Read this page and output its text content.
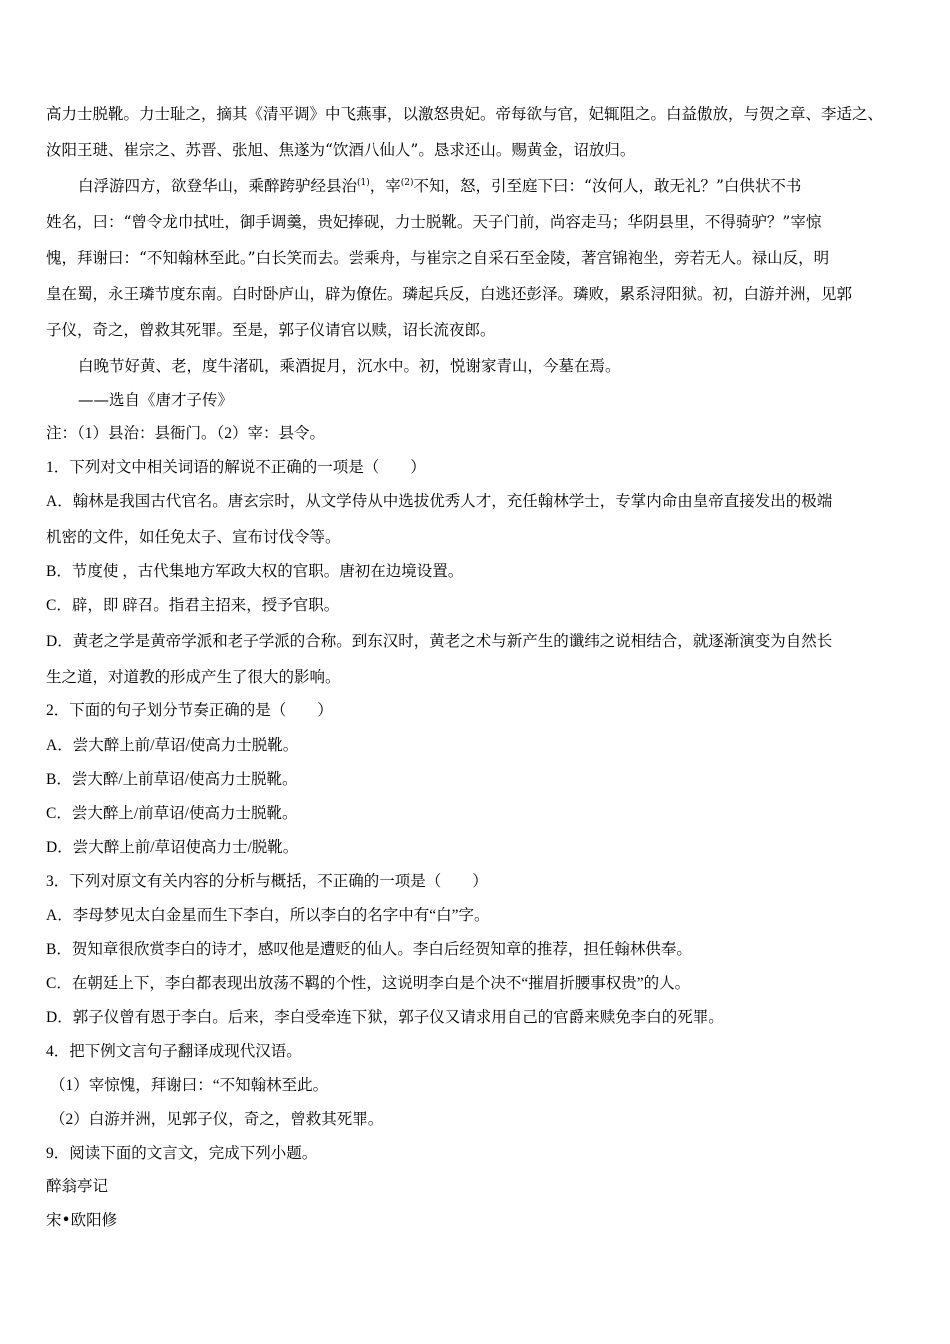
高力士脱靴。力士耻之，摘其《清平调》中飞燕事，以激怒贵妃。帝每欲与官，妃辄阻之。白益傲放，与贺之章、李适之、
汝阳王琎、崔宗之、苏晋、张旭、焦遂为“饮酒八仙人”。恳求还山。赐黄金，诏放归。
白浮游四方，欲登华山，乘醉跨驴经县治$^{(1)}$，宰$^{(2)}$不知，怒，引至庭下曰：“汝何人，敢无礼？”白供状不书
姓名，曰：“曾令龙巾拭吐，御手调羹，贵妃捧砚，力士脱靴。天子门前，尚容走马；华阴县里，不得骑驴？”宰惊
愧，拜谢曰：“不知翰林至此。”白长笑而去。尝乘舟，与崔宗之自采石至金陵，著宫锦袍坐，旁若无人。禄山反，明
皇在蜀，永王璘节度东南。白时卧庐山，辟为僚佐。璘起兵反，白逃还彭泽。璘败，累系浔阳狱。初，白游并洲，见郭
子仪，奇之，曾救其死罪。至是，郭子仪请官以赎，诏长流夜郎。
白晚节好黄、老，度牛渚矶，乘酒捉月，沉水中。初，悦谢家青山，今墓在焉。
——选自《唐才子传》
注：（1）县治：县衙门。（2）宰：县令。
1．下列对文中相关词语的解说不正确的一项是（　　）
A．翰林是我国古代官名。唐玄宗时，从文学侍从中选拔优秀人才，充任翰林学士，专掌内命由皇帝直接发出的极端
机密的文件，如任免太子、宣布讨伐令等。
B．节度使 ，古代集地方军政大权的官职。唐初在边境设置。
C．辟，即 辟召。指君主招来，授予官职。
D．黄老之学是黄帝学派和老子学派的合称。到东汉时，黄老之术与新产生的谶纬之说相结合，就逐渐演变为自然长
生之道，对道教的形成产生了很大的影响。
2．下面的句子划分节奏正确的是（　　）
A．尝大醉上前/草诏/使高力士脱靴。
B．尝大醉/上前草诏/使高力士脱靴。
C．尝大醉上/前草诏/使高力士脱靴。
D．尝大醉上前/草诏使高力士/脱靴。
3．下列对原文有关内容的分析与概括，不正确的一项是（　　）
A．李母梦见太白金星而生下李白，所以李白的名字中有“白”字。
B．贺知章很欣赏李白的诗才，感叹他是遭贬的仙人。李白后经贺知章的推荐，担任翰林供奉。
C．在朝廷上下，李白都表现出放荡不羁的个性，这说明李白是个决不“摧眉折腰事权贵”的人。
D．郭子仪曾有恩于李白。后来，李白受牵连下狱，郭子仪又请求用自己的官爵来赎免李白的死罪。
4．把下例文言句子翻译成现代汉语。
（1）宰惊愧，拜谢曰：“不知翰林至此。
（2）白游并洲，见郭子仪，奇之，曾救其死罪。
9．阅读下面的文言文，完成下列小题。
醉翁亭记
宋•欧阳修
